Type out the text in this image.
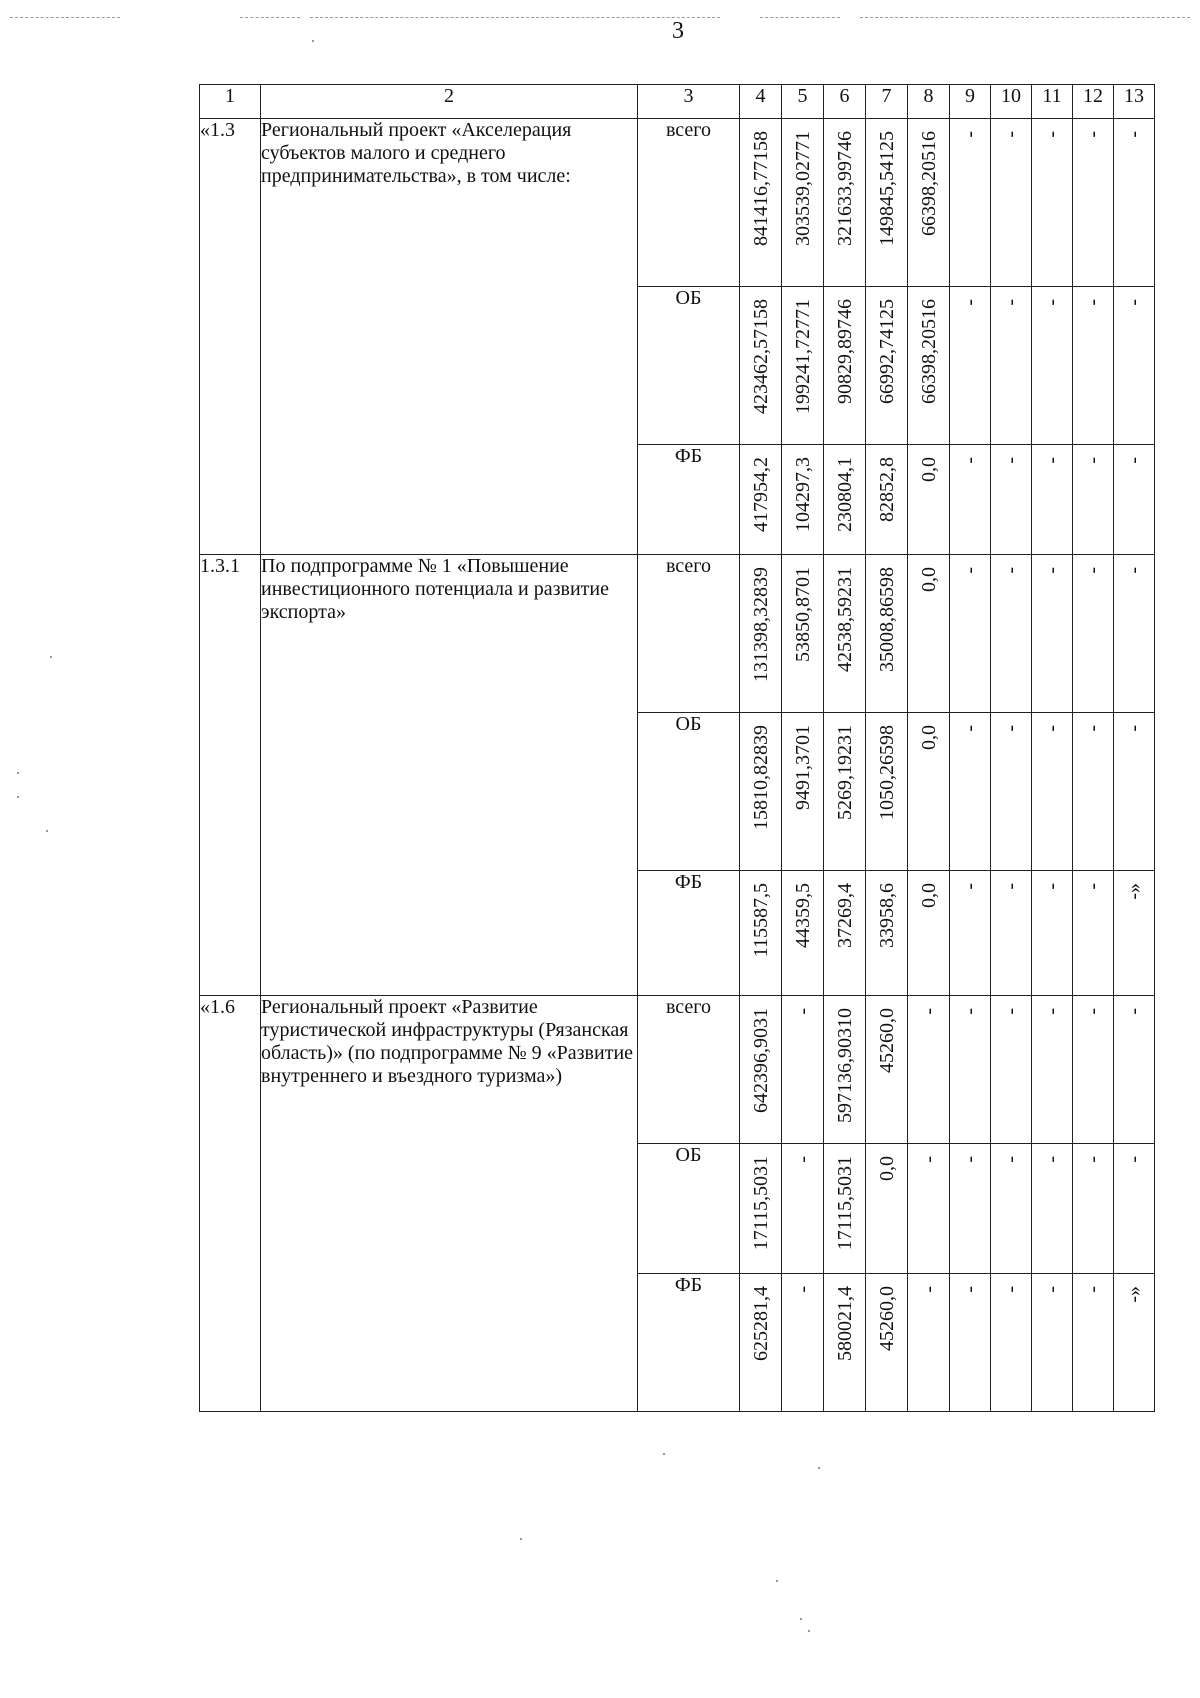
3
1	2	3	4	5	6	7	8	9	10	11	12	13
«1.3	Региональный проект «Акселерация субъектов малого и среднего предпринимательства», в том числе:	всего	841416,77158	303539,02771	321633,99746	149845,54125	66398,20516	-	-	-	-	-

		ОБ	423462,57158	199241,72771	90829,89746	66992,74125	66398,20516	-	-	-	-	-

		ФБ	417954,2	104297,3	230804,1	82852,8	0,0	-	-	-	-	-

1.3.1	По подпрограмме № 1 «Повышение инвестиционного потенциала и развитие экспорта»	всего	131398,32839	53850,8701	42538,59231	35008,86598	0,0	-	-	-	-	-

		ОБ	15810,82839	9491,3701	5269,19231	1050,26598	0,0	-	-	-	-	-

		ФБ	115587,5	44359,5	37269,4	33958,6	0,0	-	-	-	-	-»

«1.6	Региональный проект «Развитие туристической инфраструктуры (Рязанская область)» (по подпрограмме № 9 «Развитие внутреннего и въездного туризма»)	всего	642396,9031	-	597136,90310	45260,0	-	-	-	-	-	-

		ОБ	17115,5031	-	17115,5031	0,0	-	-	-	-	-	-

		ФБ	625281,4	-	580021,4	45260,0	-	-	-	-	-	-»
